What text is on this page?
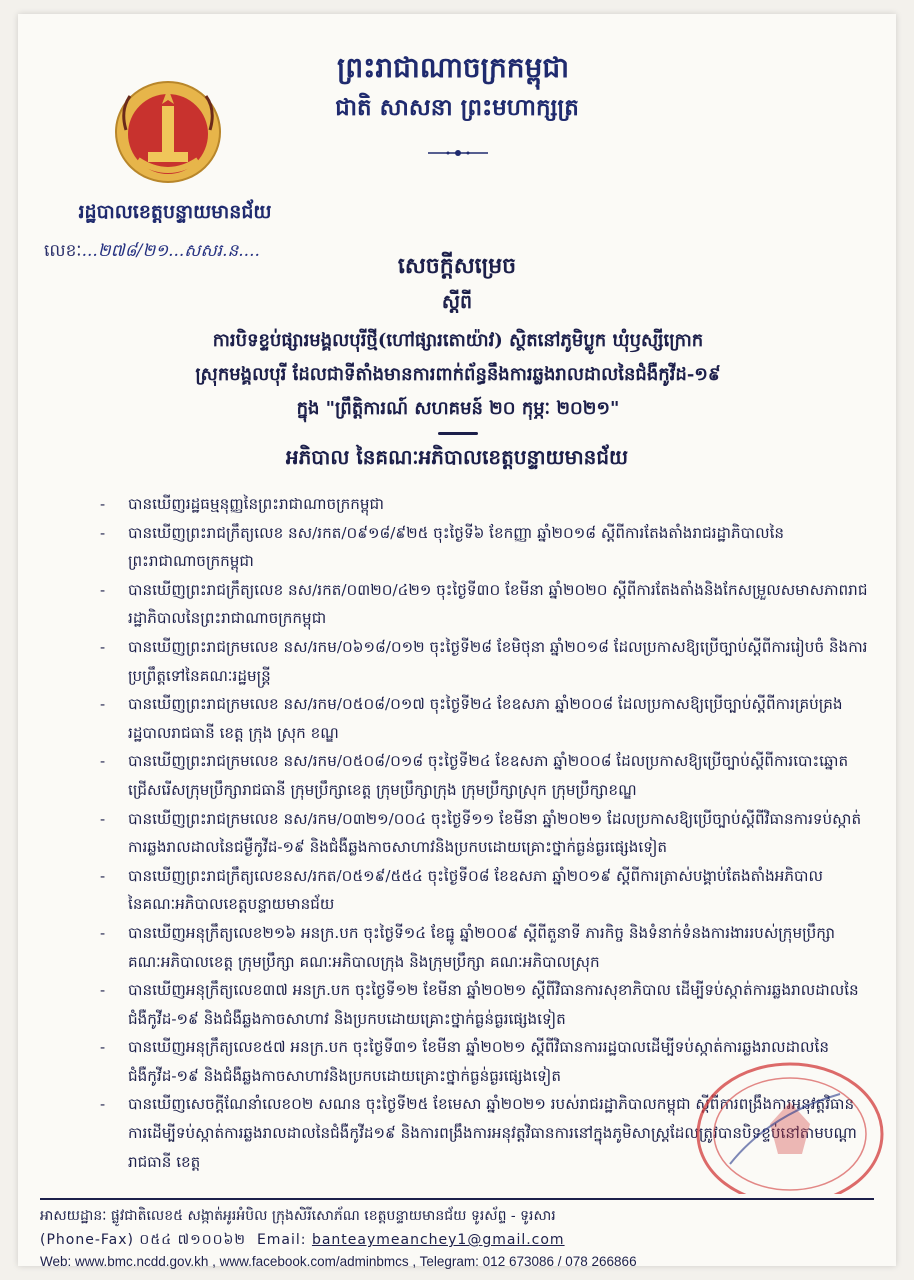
ព្រះរាជាណាចក្រកម្ពុជា
ជាតិ សាសនា ព្រះមហាក្សត្រ
រដ្ឋបាលខេត្តបន្ទាយមានជ័យ
លេខៈ...២៧៨/២១...សសរ.ន....
សេចក្តីសម្រេច
ស្តីពី
ការបិទខ្ទប់ផ្សារមង្គលបុរីថ្មី(ហៅផ្សារតោយ៉ាវ) ស្ថិតនៅភូមិប្លូក ឃុំឫស្សីក្រោក
ស្រុកមង្គលបុរី ដែលជាទីតាំងមានការពាក់ព័ន្ធនឹងការឆ្លងរាលដាលនៃជំងឺកូវីដ-១៩
ក្នុង "ព្រឹត្តិការណ៍ សហគមន៍ ២០ កុម្ភៈ ២០២១"
អភិបាល នៃគណៈអភិបាលខេត្តបន្ទាយមានជ័យ
- បានឃើញរដ្ឋធម្មនុញ្ញនៃព្រះរាជាណាចក្រកម្ពុជា
- បានឃើញព្រះរាជក្រឹត្យលេខ នស/រកត/០៩១៨/៩២៥ ចុះថ្ងៃទី៦ ខែកញ្ញា ឆ្នាំ២០១៨ ស្តីពីការតែងតាំងរាជរដ្ឋាភិបាលនៃព្រះរាជាណាចក្រកម្ពុជា
- បានឃើញព្រះរាជក្រឹត្យលេខ នស/រកត/០៣២០/៤២១ ចុះថ្ងៃទី៣០ ខែមីនា ឆ្នាំ២០២០ ស្តីពីការតែងតាំងនិងកែសម្រួលសមាសភាពរាជរដ្ឋាភិបាលនៃព្រះរាជាណាចក្រកម្ពុជា
- បានឃើញព្រះរាជក្រមលេខ នស/រកម/០៦១៨/០១២ ចុះថ្ងៃទី២៨ ខែមិថុនា ឆ្នាំ២០១៨ ដែលប្រកាសឱ្យប្រើច្បាប់ស្តីពីការរៀបចំ និងការប្រព្រឹត្តទៅនៃគណៈរដ្ឋមន្ត្រី
- បានឃើញព្រះរាជក្រមលេខ នស/រកម/០៥០៨/០១៧ ចុះថ្ងៃទី២៤ ខែឧសភា ឆ្នាំ២០០៨ ដែលប្រកាសឱ្យប្រើច្បាប់ស្តីពីការគ្រប់គ្រងរដ្ឋបាលរាជធានី ខេត្ត ក្រុង ស្រុក ខណ្ឌ
- បានឃើញព្រះរាជក្រមលេខ នស/រកម/០៥០៨/០១៨ ចុះថ្ងៃទី២៤ ខែឧសភា ឆ្នាំ២០០៨ ដែលប្រកាសឱ្យប្រើច្បាប់ស្តីពីការបោះឆ្នោតជ្រើសរើសក្រុមប្រឹក្សារាជធានី ក្រុមប្រឹក្សាខេត្ត ក្រុមប្រឹក្សាក្រុង ក្រុមប្រឹក្សាស្រុក ក្រុមប្រឹក្សាខណ្ឌ
- បានឃើញព្រះរាជក្រមលេខ នស/រកម/០៣២១/០០៤ ចុះថ្ងៃទី១១ ខែមីនា ឆ្នាំ២០២១ ដែលប្រកាសឱ្យប្រើច្បាប់ស្តីពីវិធានការទប់ស្កាត់ការឆ្លងរាលដាលនៃជម្ងឺកូវីដ-១៩ និងជំងឺឆ្លងកាចសាហាវនិងប្រកបដោយគ្រោះថ្នាក់ធ្ងន់ធ្ងរផ្សេងទៀត
- បានឃើញព្រះរាជក្រឹត្យលេខនស/រកត/០៥១៩/៥៥៤ ចុះថ្ងៃទី០៨ ខែឧសភា ឆ្នាំ២០១៩ ស្តីពីការត្រាស់បង្គាប់តែងតាំងអភិបាល នៃគណៈអភិបាលខេត្តបន្ទាយមានជ័យ
- បានឃើញអនុក្រឹត្យលេខ២១៦ អនក្រ.បក ចុះថ្ងៃទី១៤ ខែធ្នូ ឆ្នាំ២០០៩ ស្តីពីតួនាទី ភារកិច្ច និងទំនាក់ទំនងការងាររបស់ក្រុមប្រឹក្សា គណៈអភិបាលខេត្ត ក្រុមប្រឹក្សា គណៈអភិបាលក្រុង និងក្រុមប្រឹក្សា គណៈអភិបាលស្រុក
- បានឃើញអនុក្រឹត្យលេខ៣៧ អនក្រ.បក ចុះថ្ងៃទី១២ ខែមីនា ឆ្នាំ២០២១ ស្តីពីវិធានការសុខាភិបាល ដើម្បីទប់ស្កាត់ការឆ្លងរាលដាលនៃជំងឺកូវីដ-១៩ និងជំងឺឆ្លងកាចសាហាវ និងប្រកបដោយគ្រោះថ្នាក់ធ្ងន់ធ្ងរផ្សេងទៀត
- បានឃើញអនុក្រឹត្យលេខ៥៧ អនក្រ.បក ចុះថ្ងៃទី៣១ ខែមីនា ឆ្នាំ២០២១ ស្តីពីវិធានការរដ្ឋបាលដើម្បីទប់ស្កាត់ការឆ្លងរាលដាលនៃជំងឺកូវីដ-១៩ និងជំងឺឆ្លងកាចសាហាវនិងប្រកបដោយគ្រោះថ្នាក់ធ្ងន់ធ្ងរផ្សេងទៀត
- បានឃើញសេចក្តីណែនាំលេខ០២ សណន ចុះថ្ងៃទី២៥ ខែមេសា ឆ្នាំ២០២១ របស់រាជរដ្ឋាភិបាលកម្ពុជា ស្តីពីការពង្រឹងការអនុវត្តវិធានការដើម្បីទប់ស្កាត់ការឆ្លងរាលដាលនៃជំងឺកូវីដ១៩ និងការពង្រឹងការអនុវត្តវិធានការនៅក្នុងភូមិសាស្ត្រដែលត្រូវបានបិទខ្ទប់នៅតាមបណ្តារាជធានី ខេត្ត
អាសយដ្ឋានៈ ផ្លូវជាតិលេខ៥ សង្កាត់អូរអំបិល ក្រុងសិរីសោភ័ណ ខេត្តបន្ទាយមានជ័យ ទូរស័ព្ទ - ទូរសារ
(Phone-Fax) ០៥៤ ៧១០០៦២ Email: banteaymeanchey1@gmail.com
Web: www.bmc.ncdd.gov.kh , www.facebook.com/adminbmcs , Telegram: 012 673086 / 078 266866
